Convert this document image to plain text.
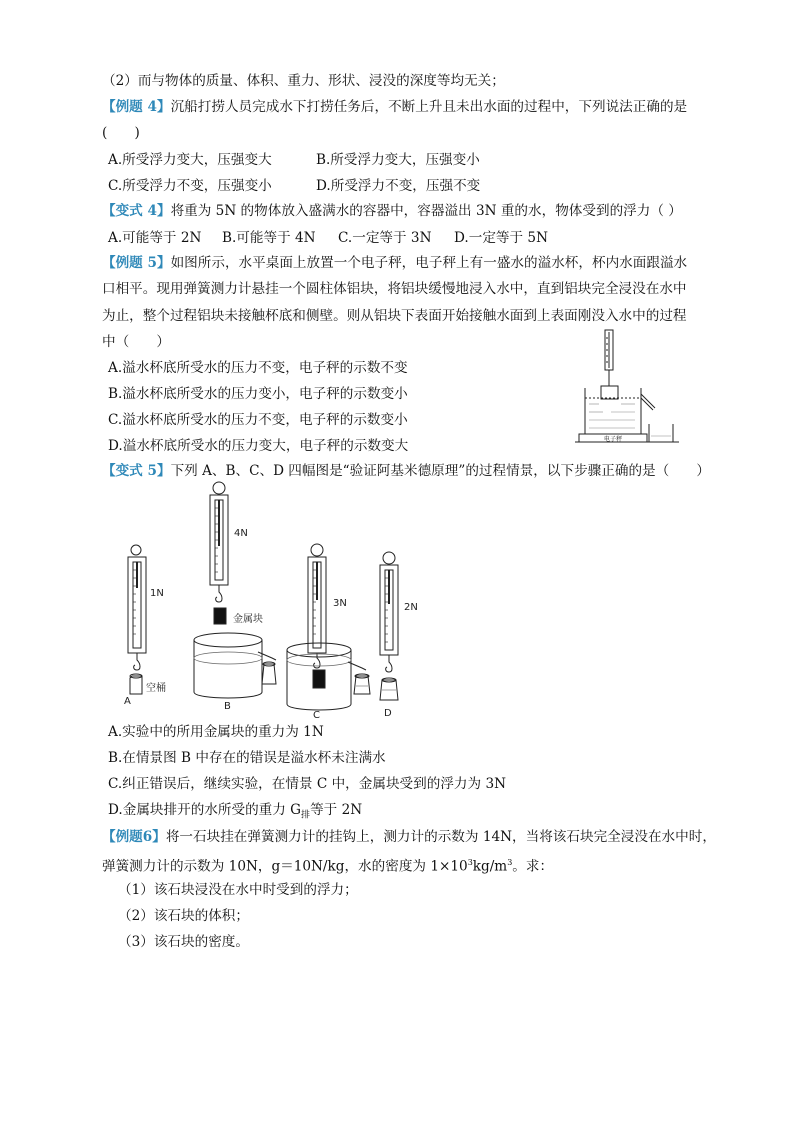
（2）而与物体的质量、体积、重力、形状、浸没的深度等均无关；
【例题 4】沉船打捞人员完成水下打捞任务后，不断上升且未出水面的过程中，下列说法正确的是
(　　)
A.所受浮力变大，压强变大	B.所受浮力变大，压强变小
C.所受浮力不变，压强变小	D.所受浮力不变，压强不变
【变式 4】将重为 5N 的物体放入盛满水的容器中，容器溢出 3N 重的水，物体受到的浮力（ ）
A.可能等于 2N B.可能等于 4N C.一定等于 3N D.一定等于 5N
【例题 5】如图所示，水平桌面上放置一个电子秤，电子秤上有一盛水的溢水杯，杯内水面跟溢水
口相平。现用弹簧测力计悬挂一个圆柱体铝块，将铝块缓慢地浸入水中，直到铝块完全浸没在水中
为止，整个过程铝块未接触杯底和侧壁。则从铝块下表面开始接触水面到上表面刚没入水中的过程
中（　　）
A.溢水杯底所受水的压力不变，电子秤的示数不变
B.溢水杯底所受水的压力变小，电子秤的示数变小
C.溢水杯底所受水的压力不变，电子秤的示数变小
D.溢水杯底所受水的压力变大，电子秤的示数变大	电子秤
【变式 5】下列 A、B、C、D 四幅图是“验证阿基米德原理”的过程情景，以下步骤正确的是（　　）
1N
4N
3N	2N
金属块
空桶
A	B
C	D
A.实验中的所用金属块的重力为 1N
B.在情景图 B 中存在的错误是溢水杯未注满水
C.纠正错误后，继续实验，在情景 C 中，金属块受到的浮力为 3N
D.金属块排开的水所受的重力 $G_排$等于 2N
【例题6】将一石块挂在弹簧测力计的挂钩上，测力计的示数为 14N，当将该石块完全浸没在水中时，
弹簧测力计的示数为 10N，g＝10N/kg，水的密度为 $1\times 10^3kg/m^3$。求：
（1）该石块浸没在水中时受到的浮力；
（2）该石块的体积；
（3）该石块的密度。
